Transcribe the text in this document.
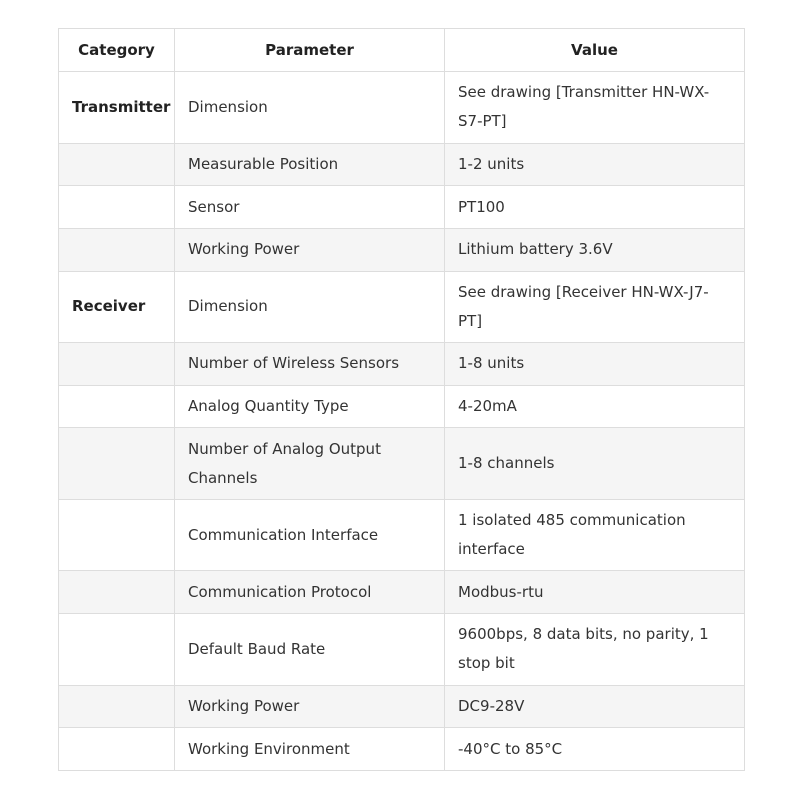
Category	Parameter	Value
Transmitter	Dimension	See drawing [Transmitter HN-WX-S7-PT]
	Measurable Position	1-2 units
	Sensor	PT100
	Working Power	Lithium battery 3.6V
Receiver	Dimension	See drawing [Receiver HN-WX-J7-PT]
	Number of Wireless Sensors	1-8 units
	Analog Quantity Type	4-20mA
	Number of Analog Output Channels	1-8 channels
	Communication Interface	1 isolated 485 communication interface
	Communication Protocol	Modbus-rtu
	Default Baud Rate	9600bps, 8 data bits, no parity, 1 stop bit
	Working Power	DC9-28V
	Working Environment	-40°C to 85°C
